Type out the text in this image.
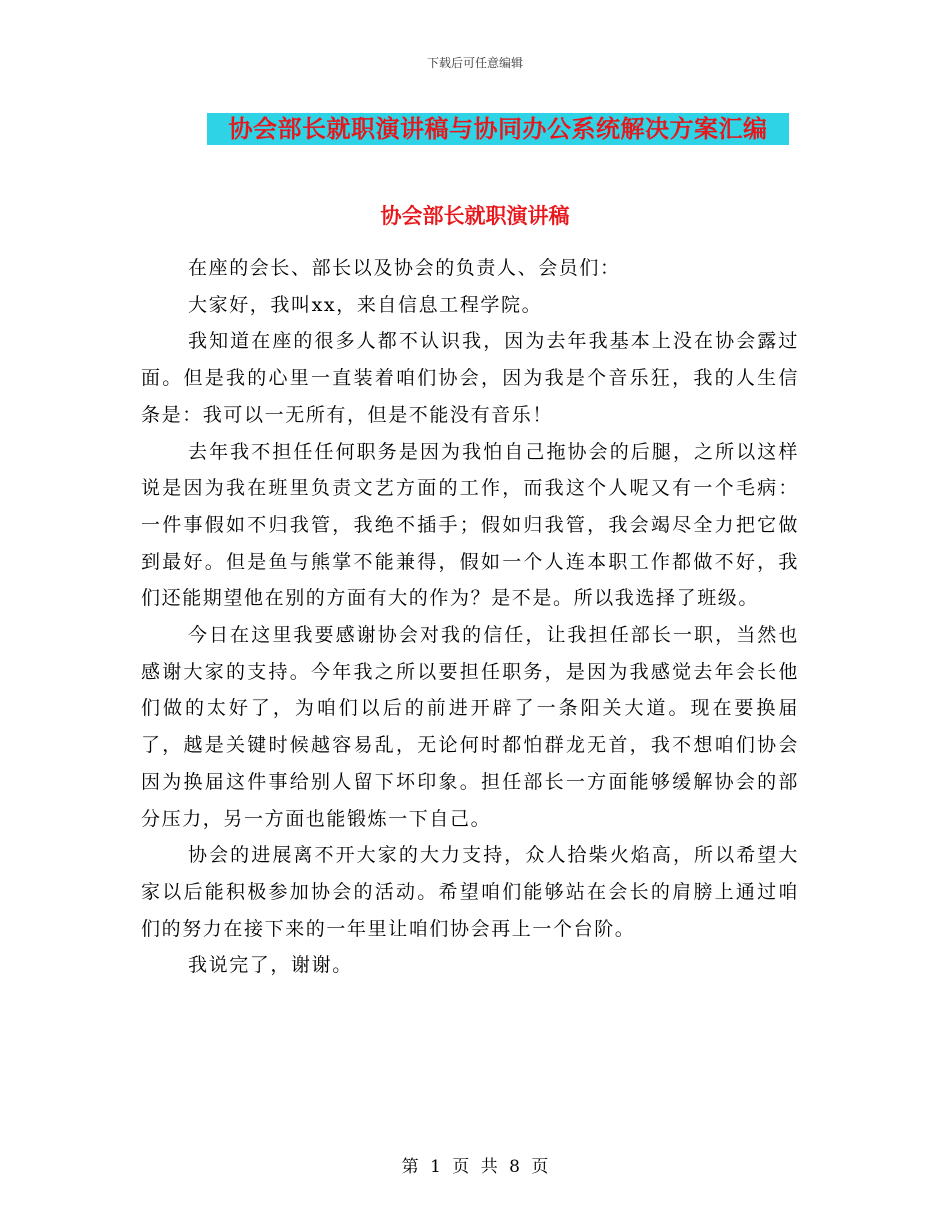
下载后可任意编辑
协会部长就职演讲稿与协同办公系统解决方案汇编
协会部长就职演讲稿

在座的会长、部长以及协会的负责人、会员们：

大家好，我叫xx，来自信息工程学院。

我知道在座的很多人都不认识我，因为去年我基本上没在协会露过面。但是我的心里一直装着咱们协会，因为我是个音乐狂，我的人生信条是：我可以一无所有，但是不能没有音乐！

去年我不担任任何职务是因为我怕自己拖协会的后腿，之所以这样说是因为我在班里负责文艺方面的工作，而我这个人呢又有一个毛病：一件事假如不归我管，我绝不插手；假如归我管，我会竭尽全力把它做到最好。但是鱼与熊掌不能兼得，假如一个人连本职工作都做不好，我们还能期望他在别的方面有大的作为？是不是。所以我选择了班级。

今日在这里我要感谢协会对我的信任，让我担任部长一职，当然也感谢大家的支持。今年我之所以要担任职务，是因为我感觉去年会长他们做的太好了，为咱们以后的前进开辟了一条阳关大道。现在要换届了，越是关键时候越容易乱，无论何时都怕群龙无首，我不想咱们协会因为换届这件事给别人留下坏印象。担任部长一方面能够缓解协会的部分压力，另一方面也能锻炼一下自己。

协会的进展离不开大家的大力支持，众人拾柴火焰高，所以希望大家以后能积极参加协会的活动。希望咱们能够站在会长的肩膀上通过咱们的努力在接下来的一年里让咱们协会再上一个台阶。

我说完了，谢谢。

第 1 页 共 8 页
